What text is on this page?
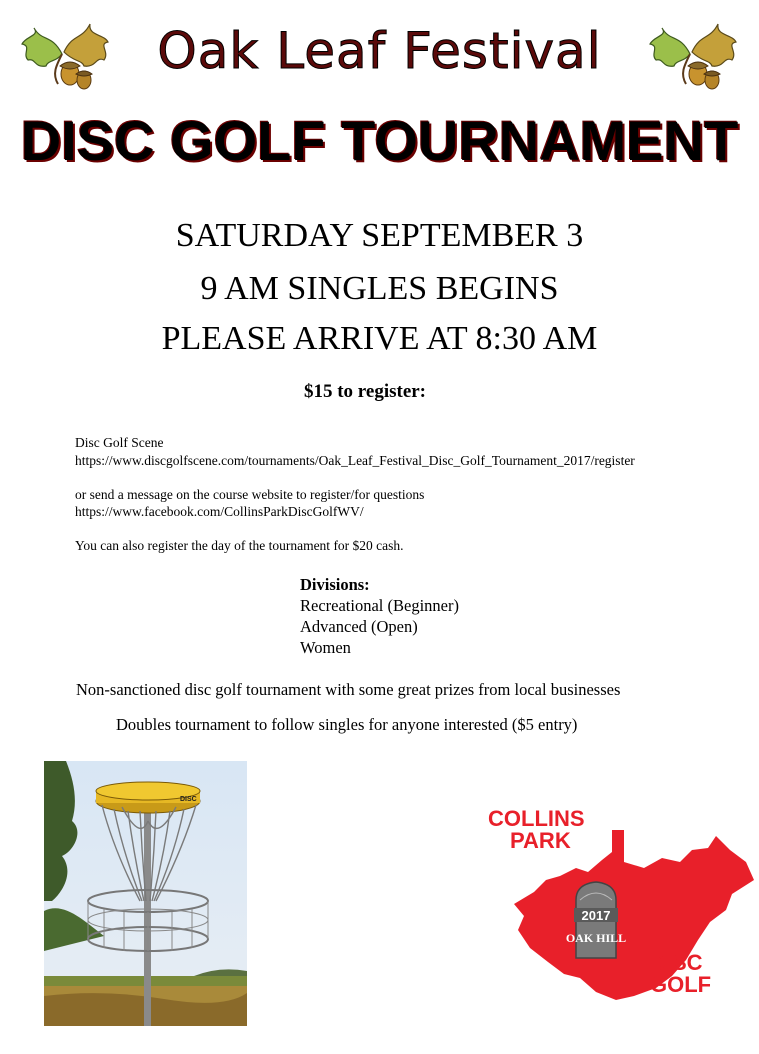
Oak Leaf Festival
DISC GOLF TOURNAMENT
SATURDAY SEPTEMBER 3
9 AM SINGLES BEGINS
PLEASE ARRIVE AT 8:30 AM
$15 to register:
Disc Golf Scene
https://www.discgolfscene.com/tournaments/Oak_Leaf_Festival_Disc_Golf_Tournament_2017/register
or send a message on the course website to register/for questions
https://www.facebook.com/CollinsParkDiscGolfWV/
You can also register the day of the tournament for $20 cash.
Divisions:
Recreational (Beginner)
Advanced (Open)
Women
Non-sanctioned disc golf tournament with some great prizes from local businesses
Doubles tournament to follow singles for anyone interested ($5 entry)
DISC
COLLINS
PARK
2017
OAK HILL
DISC
GOLF
